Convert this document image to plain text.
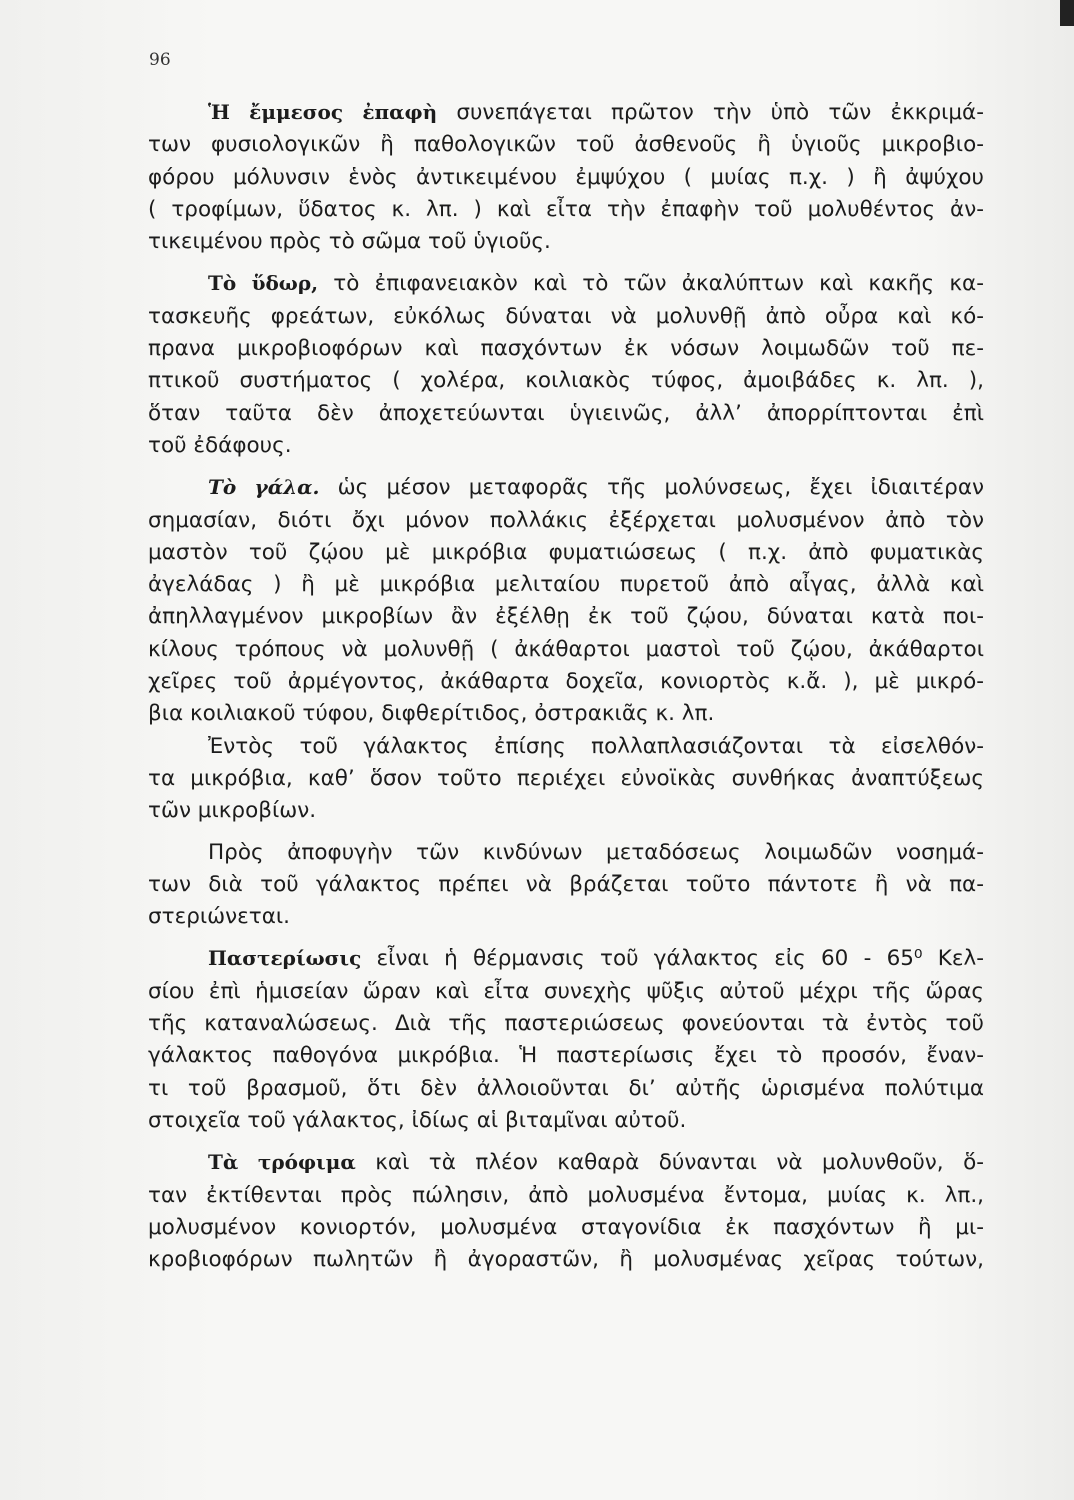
96

Ἡ ἔμμεσος ἐπαφὴ συνεπάγεται πρῶτον τὴν ὑπὸ τῶν ἐκκριμά-
των φυσιολογικῶν ἢ παθολογικῶν τοῦ ἀσθενοῦς ἢ ὑγιοῦς μικροβιο-
φόρου μόλυνσιν ἑνὸς ἀντικειμένου ἐμψύχου ( μυίας π.χ. ) ἢ ἀψύχου
( τροφίμων, ὕδατος κ. λπ. ) καὶ εἶτα τὴν ἐπαφὴν τοῦ μολυθέντος ἀν-
τικειμένου πρὸς τὸ σῶμα τοῦ ὑγιοῦς.

Τὸ ὕδωρ, τὸ ἐπιφανειακὸν καὶ τὸ τῶν ἀκαλύπτων καὶ κακῆς κα-
τασκευῆς φρεάτων, εὐκόλως δύναται νὰ μολυνθῇ ἀπὸ οὖρα καὶ κό-
πρανα μικροβιοφόρων καὶ πασχόντων ἐκ νόσων λοιμωδῶν τοῦ πε-
πτικοῦ συστήματος ( χολέρα, κοιλιακὸς τύφος, ἀμοιβάδες κ. λπ. ),
ὅταν ταῦτα δὲν ἀποχετεύωνται ὑγιεινῶς, ἀλλ’ ἀπορρίπτονται ἐπὶ
τοῦ ἐδάφους.

Τὸ γάλα. ὡς μέσον μεταφορᾶς τῆς μολύνσεως, ἔχει ἰδιαιτέραν
σημασίαν, διότι ὄχι μόνον πολλάκις ἐξέρχεται μολυσμένον ἀπὸ τὸν
μαστὸν τοῦ ζῴου μὲ μικρόβια φυματιώσεως ( π.χ. ἀπὸ φυματικὰς
ἀγελάδας ) ἢ μὲ μικρόβια μελιταίου πυρετοῦ ἀπὸ αἶγας, ἀλλὰ καὶ
ἀπηλλαγμένον μικροβίων ἂν ἐξέλθῃ ἐκ τοῦ ζῴου, δύναται κατὰ ποι-
κίλους τρόπους νὰ μολυνθῇ ( ἀκάθαρτοι μαστοὶ τοῦ ζῴου, ἀκάθαρτοι
χεῖρες τοῦ ἀρμέγοντος, ἀκάθαρτα δοχεῖα, κονιορτὸς κ.ἄ. ), μὲ μικρό-
βια κοιλιακοῦ τύφου, διφθερίτιδος, ὀστρακιᾶς κ. λπ.

Ἐντὸς τοῦ γάλακτος ἐπίσης πολλαπλασιάζονται τὰ εἰσελθόν-
τα μικρόβια, καθ’ ὅσον τοῦτο περιέχει εὐνοϊκὰς συνθήκας ἀναπτύξεως
τῶν μικροβίων.

Πρὸς ἀποφυγὴν τῶν κινδύνων μεταδόσεως λοιμωδῶν νοσημά-
των διὰ τοῦ γάλακτος πρέπει νὰ βράζεται τοῦτο πάντοτε ἢ νὰ πα-
στεριώνεται.

Παστερίωσις εἶναι ἡ θέρμανσις τοῦ γάλακτος εἰς 60 - 65⁰ Κελ-
σίου ἐπὶ ἡμισείαν ὥραν καὶ εἶτα συνεχὴς ψῦξις αὐτοῦ μέχρι τῆς ὥρας
τῆς καταναλώσεως. Διὰ τῆς παστεριώσεως φονεύονται τὰ ἐντὸς τοῦ
γάλακτος παθογόνα μικρόβια. Ἡ παστερίωσις ἔχει τὸ προσόν, ἔναν-
τι τοῦ βρασμοῦ, ὅτι δὲν ἀλλοιοῦνται δι’ αὐτῆς ὡρισμένα πολύτιμα
στοιχεῖα τοῦ γάλακτος, ἰδίως αἱ βιταμῖναι αὐτοῦ.

Τὰ τρόφιμα καὶ τὰ πλέον καθαρὰ δύνανται νὰ μολυνθοῦν, ὅ-
ταν ἐκτίθενται πρὸς πώλησιν, ἀπὸ μολυσμένα ἔντομα, μυίας κ. λπ.,
μολυσμένον κονιορτόν, μολυσμένα σταγονίδια ἐκ πασχόντων ἢ μι-
κροβιοφόρων πωλητῶν ἢ ἀγοραστῶν, ἢ μολυσμένας χεῖρας τούτων,
